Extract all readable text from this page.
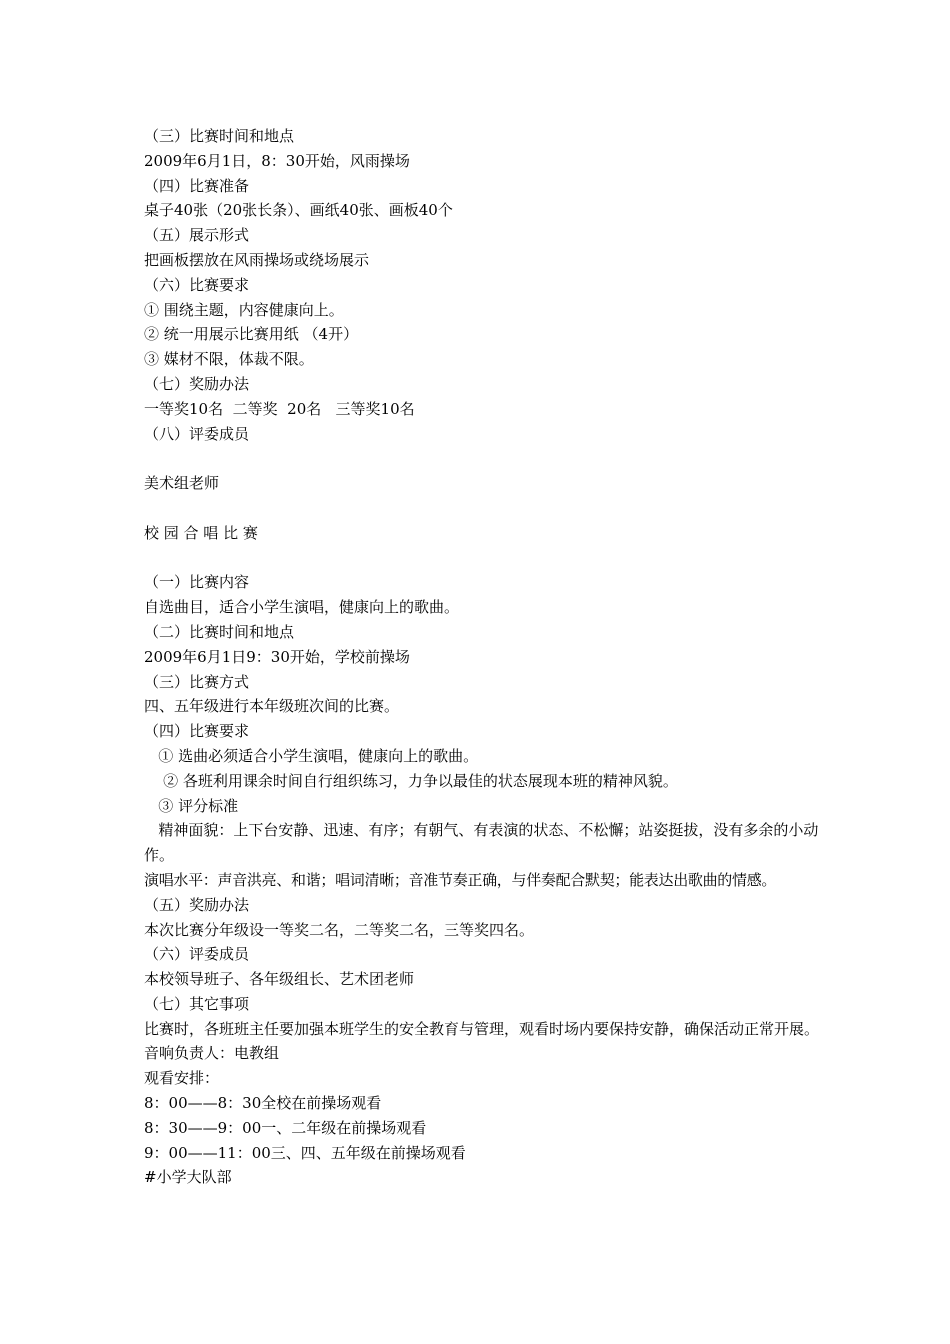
（三）比赛时间和地点
2009年6月1日，8：30开始，风雨操场
（四）比赛准备
桌子40张（20张长条）、画纸40张、画板40个
（五）展示形式
把画板摆放在风雨操场或绕场展示
（六）比赛要求
① 围绕主题，内容健康向上。
② 统一用展示比赛用纸 （4开）
③ 媒材不限，体裁不限。
（七）奖励办法
一等奖10名  二等奖  20名   三等奖10名
（八）评委成员
美术组老师
校 园 合 唱 比 赛
（一）比赛内容
自选曲目，适合小学生演唱，健康向上的歌曲。
（二）比赛时间和地点
2009年6月1日9：30开始，学校前操场
（三）比赛方式
四、五年级进行本年级班次间的比赛。
（四）比赛要求
① 选曲必须适合小学生演唱，健康向上的歌曲。
② 各班利用课余时间自行组织练习，力争以最佳的状态展现本班的精神风貌。
③ 评分标准
精神面貌：上下台安静、迅速、有序；有朝气、有表演的状态、不松懈；站姿挺拔，没有多余的小动作。
演唱水平：声音洪亮、和谐；唱词清晰；音准节奏正确，与伴奏配合默契；能表达出歌曲的情感。
（五）奖励办法
本次比赛分年级设一等奖二名，二等奖二名，三等奖四名。
（六）评委成员
本校领导班子、各年级组长、艺术团老师
（七）其它事项
比赛时，各班班主任要加强本班学生的安全教育与管理，观看时场内要保持安静，确保活动正常开展。
音响负责人：电教组
观看安排：
8：00——8：30全校在前操场观看
8：30——9：00一、二年级在前操场观看
9：00——11：00三、四、五年级在前操场观看
#小学大队部
